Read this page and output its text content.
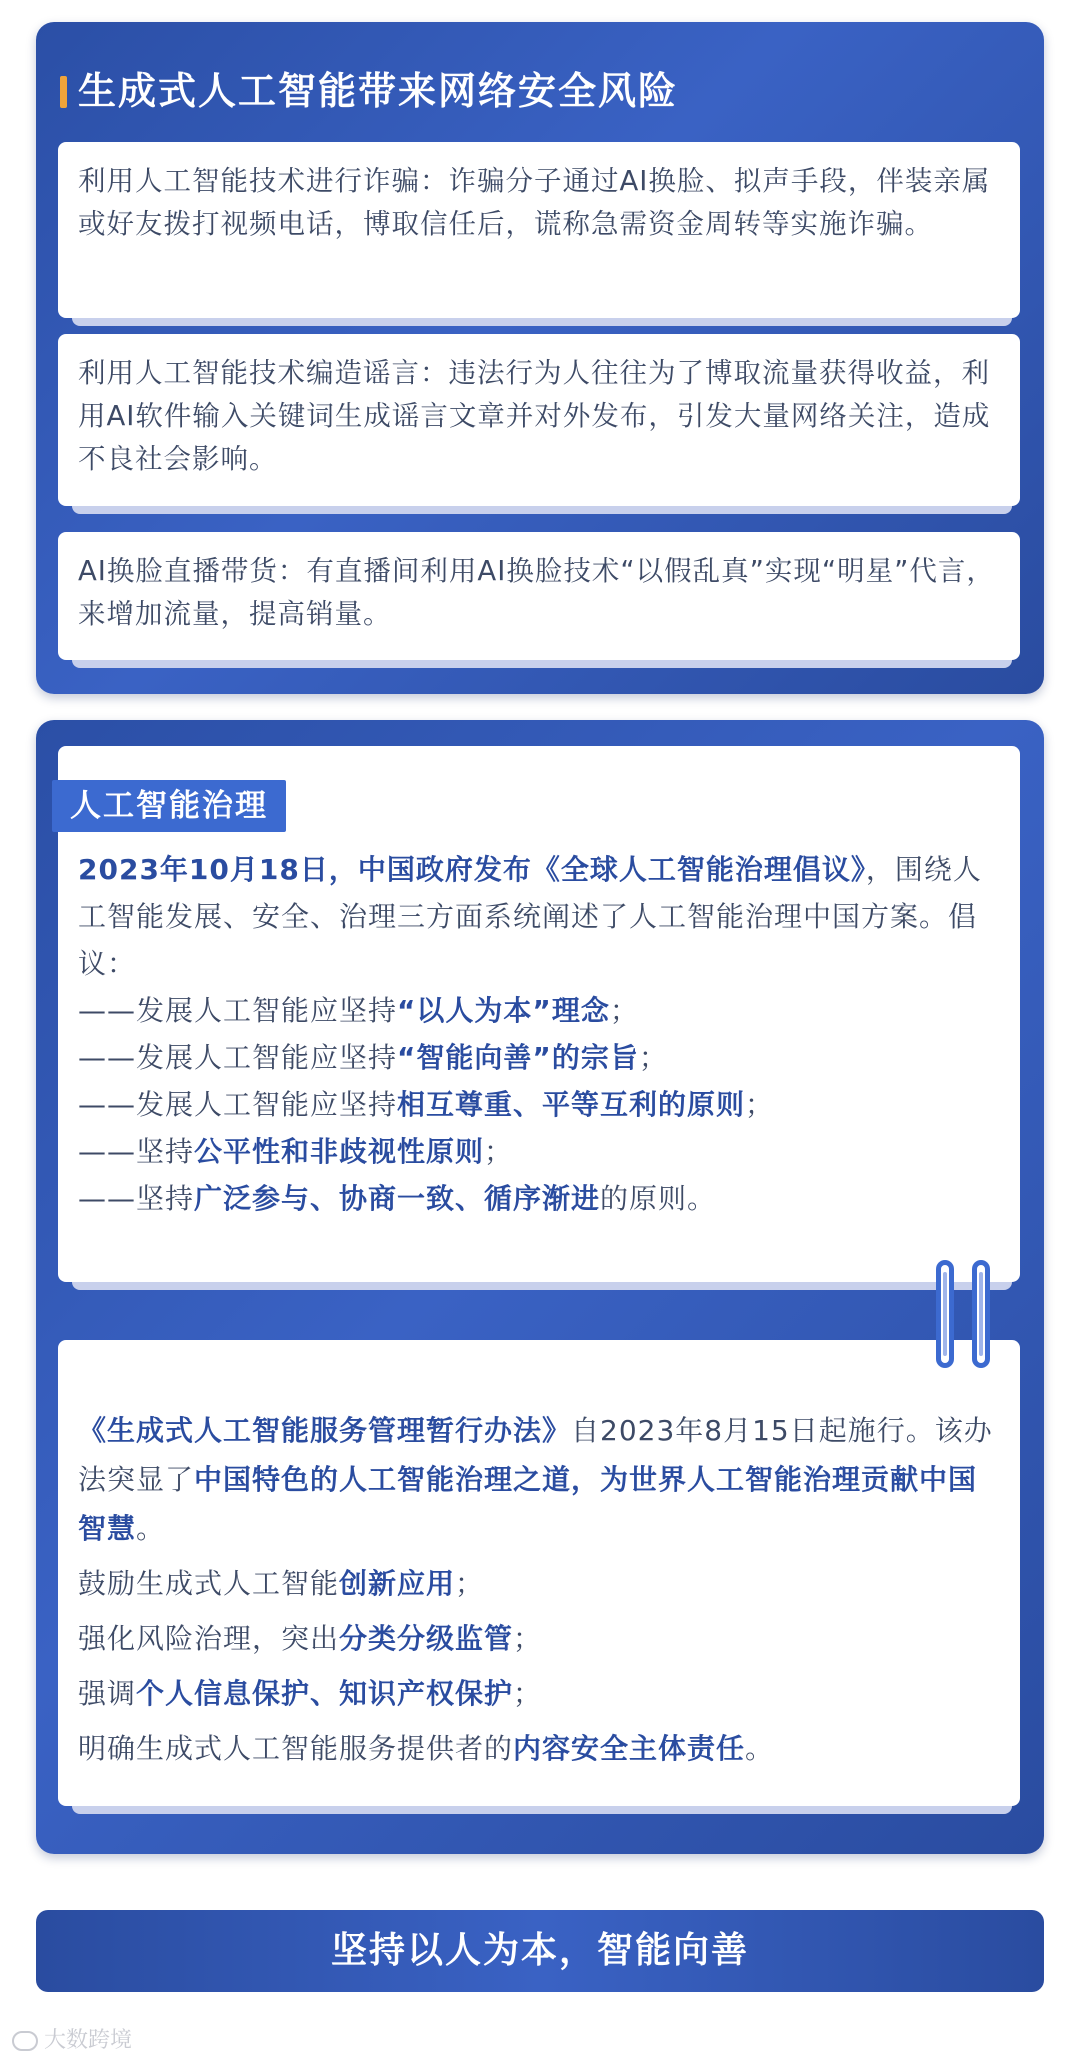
生成式人工智能带来网络安全风险
利用人工智能技术进行诈骗：诈骗分子通过AI换脸、拟声手段，伴装亲属或好友拨打视频电话，博取信任后，谎称急需资金周转等实施诈骗。
利用人工智能技术编造谣言：违法行为人往往为了博取流量获得收益，利用AI软件输入关键词生成谣言文章并对外发布，引发大量网络关注，造成不良社会影响。
AI换脸直播带货：有直播间利用AI换脸技术“以假乱真”实现“明星”代言，来增加流量，提高销量。

2023年10月18日，中国政府发布《全球人工智能治理倡议》，围绕人工智能发展、安全、治理三方面系统阐述了人工智能治理中国方案。倡议：

——发展人工智能应坚持“以人为本”理念；

——发展人工智能应坚持“智能向善”的宗旨；

——发展人工智能应坚持相互尊重、平等互利的原则；

——坚持公平性和非歧视性原则；

——坚持广泛参与、协商一致、循序渐进的原则。

人工智能治理

《生成式人工智能服务管理暂行办法》自2023年8月15日起施行。该办法突显了中国特色的人工智能治理之道，为世界人工智能治理贡献中国智慧。

鼓励生成式人工智能创新应用；

强化风险治理，突出分类分级监管；

强调个人信息保护、知识产权保护；

明确生成式人工智能服务提供者的内容安全主体责任。

坚持以人为本，智能向善
大数跨境
